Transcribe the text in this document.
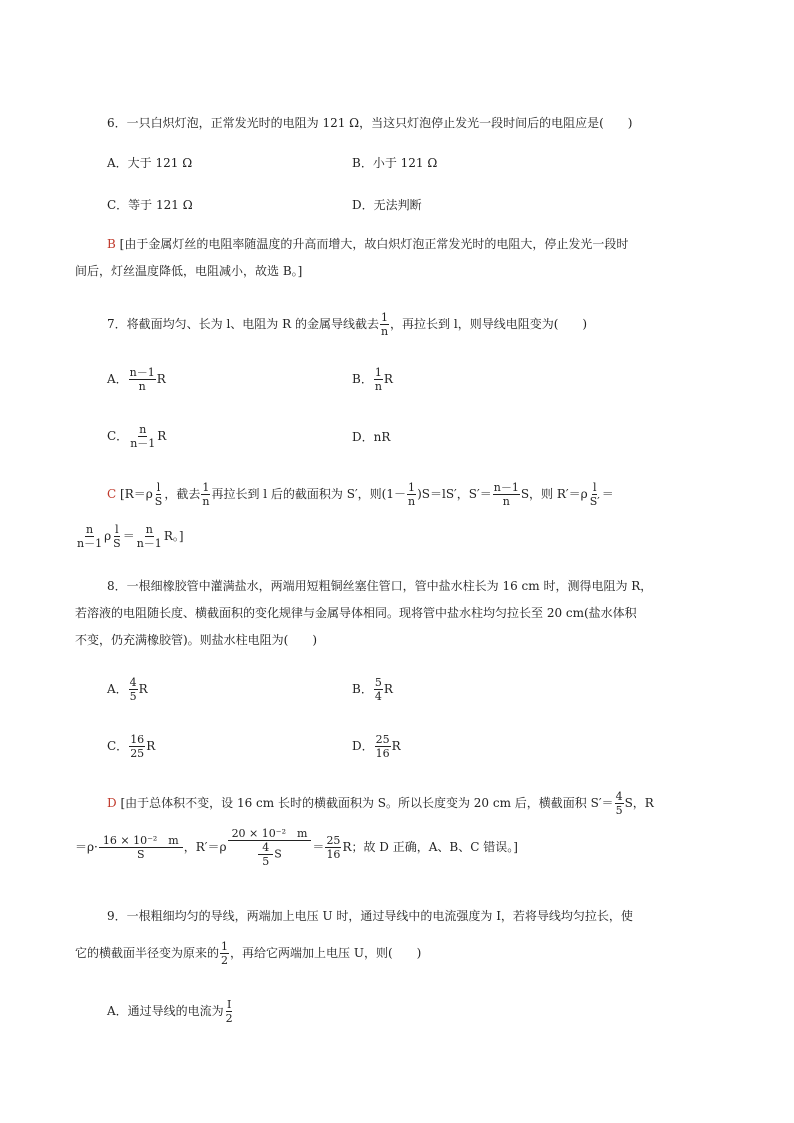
6．一只白炽灯泡，正常发光时的电阻为 121 Ω，当这只灯泡停止发光一段时间后的电阻应是(　　)
A．大于 121 Ω	B．小于 121 Ω
C．等于 121 Ω	D．无法判断
B [由于金属灯丝的电阻率随温度的升高而增大，故白炽灯泡正常发光时的电阻大，停止发光一段时
间后，灯丝温度降低，电阻减小，故选 B。]
7．将截面均匀、长为 l、电阻为 R 的金属导线截去 $\frac{1}{n}$ ，再拉长到 l，则导线电阻变为(　　)
A． $\frac{n-1}{n}$ R	B． $\frac{1}{n}$ R
C． $\frac{n}{n-1}$ R	D．nR
C [$R=\rho \frac{l}{S}$ ，截去 $\frac{1}{n}$ 再拉长到 l 后的截面积为 S′，则$(1- \frac{1}{n} )S=lS'$，$S'= \frac{n-1}{n}$ S，则 $R'=\rho \frac{l}{S'}$ ＝
$\frac{n}{n-1}$ ρ $\frac{l}{S} = \frac{n}{n-1}$ R。]
8．一根细橡胶管中灌满盐水，两端用短粗铜丝塞住管口，管中盐水柱长为 16 cm 时，测得电阻为 R，
若溶液的电阻随长度、横截面积的变化规律与金属导体相同。现将管中盐水柱均匀拉长至 20 cm(盐水体积
不变，仍充满橡胶管)。则盐水柱电阻为(　　)
A． $\frac{4}{5}$ R	B． $\frac{5}{4}$ R
C． $\frac{16}{25}$ R	D． $\frac{25}{16}$ R
D [由于总体积不变，设 16 cm 长时的横截面积为 S。所以长度变为 20 cm 后，横截面积 $S'= \frac{4}{5}$ S，R
$=\rho\cdot \frac{\text{16 × 10⁻²　m}}{S}$ ，$R'=\rho \frac{\text{20 × 10⁻²　m}}{\frac{4}{5} S} = \frac{25}{16}$ R；故 D 正确，A、B、C 错误。]
9．一根粗细均匀的导线，两端加上电压 U 时，通过导线中的电流强度为 I，若将导线均匀拉长，使
它的横截面半径变为原来的 $\frac{1}{2}$ ，再给它两端加上电压 U，则(　　)
A．通过导线的电流为 $\frac{I}{2}$
